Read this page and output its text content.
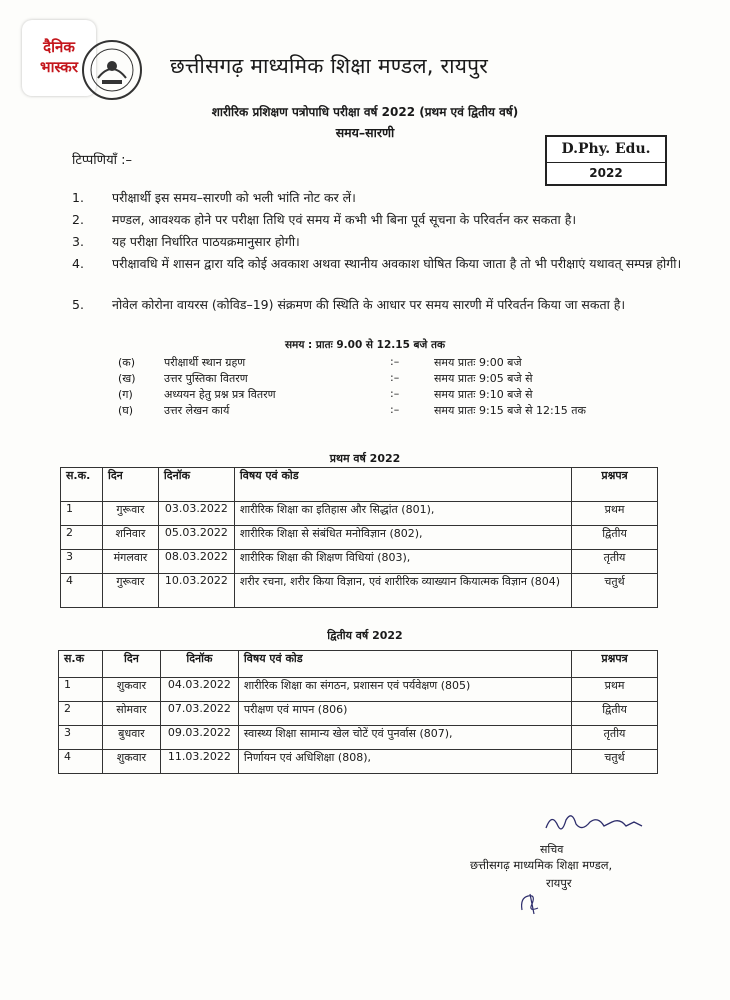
दैनिक
भास्कर	छत्तीसगढ़ माध्यमिक शिक्षा मण्डल, रायपुर
शारीरिक प्रशिक्षण पत्रोपाधि परीक्षा वर्ष 2022 (प्रथम एवं द्वितीय वर्ष)
समय–सारणी
D.Phy. Edu.
2022
टिप्पणियाँ :–
1. परीक्षार्थी इस समय–सारणी को भली भांति नोट कर लें।
2. मण्डल, आवश्यक होने पर परीक्षा तिथि एवं समय में कभी भी बिना पूर्व सूचना के परिवर्तन कर सकता है।
3. यह परीक्षा निर्धारित पाठयक्रमानुसार होगी।
4. परीक्षावधि में शासन द्वारा यदि कोई अवकाश अथवा स्थानीय अवकाश घोषित किया जाता है तो भी परीक्षाएं यथावत् सम्पन्न होगी।
5. नोवेल कोरोना वायरस (कोविड–19) संक्रमण की स्थिति के आधार पर समय सारणी में परिवर्तन किया जा सकता है।
समय : प्रातः 9.00 से 12.15 बजे तक
(क)	परीक्षार्थी स्थान ग्रहण	:–	समय प्रातः 9:00 बजे
(ख)	उत्तर पुस्तिका वितरण	:–	समय प्रातः 9:05 बजे से
(ग)	अध्ययन हेतु प्रश्न प्रत्र वितरण	:–	समय प्रातः 9:10 बजे से
(घ)	उत्तर लेखन कार्य	:–	समय प्रातः 9:15 बजे से 12:15 तक
प्रथम वर्ष 2022
स.क.	दिन	दिनॉक	विषय एवं कोड	प्रश्नपत्र
1	गुरूवार	03.03.2022	शारीरिक शिक्षा का इतिहास और सिद्धांत (801),	प्रथम
2	शनिवार	05.03.2022	शारीरिक शिक्षा से संबंधित मनोविज्ञान (802),	द्वितीय
3	मंगलवार	08.03.2022	शारीरिक शिक्षा की शिक्षण विधियां (803),	तृतीय
4	गुरूवार	10.03.2022	शरीर रचना, शरीर किया विज्ञान, एवं शारीरिक व्याख्यान कियात्मक विज्ञान (804)	चतुर्थ
द्वितीय वर्ष 2022
स.क	दिन	दिनॉक	विषय एवं कोड	प्रश्नपत्र
1	शुकवार	04.03.2022	शारीरिक शिक्षा का संगठन, प्रशासन एवं पर्यवेक्षण (805)	प्रथम
2	सोमवार	07.03.2022	परीक्षण एवं मापन (806)	द्वितीय
3	बुधवार	09.03.2022	स्वास्थ्य शिक्षा सामान्य खेल चोटें एवं पुनर्वास (807),	तृतीय
4	शुकवार	11.03.2022	निर्णायन एवं अधिशिक्षा (808),	चतुर्थ
सचिव
छत्तीसगढ़ माध्यमिक शिक्षा मण्डल,
रायपुर
